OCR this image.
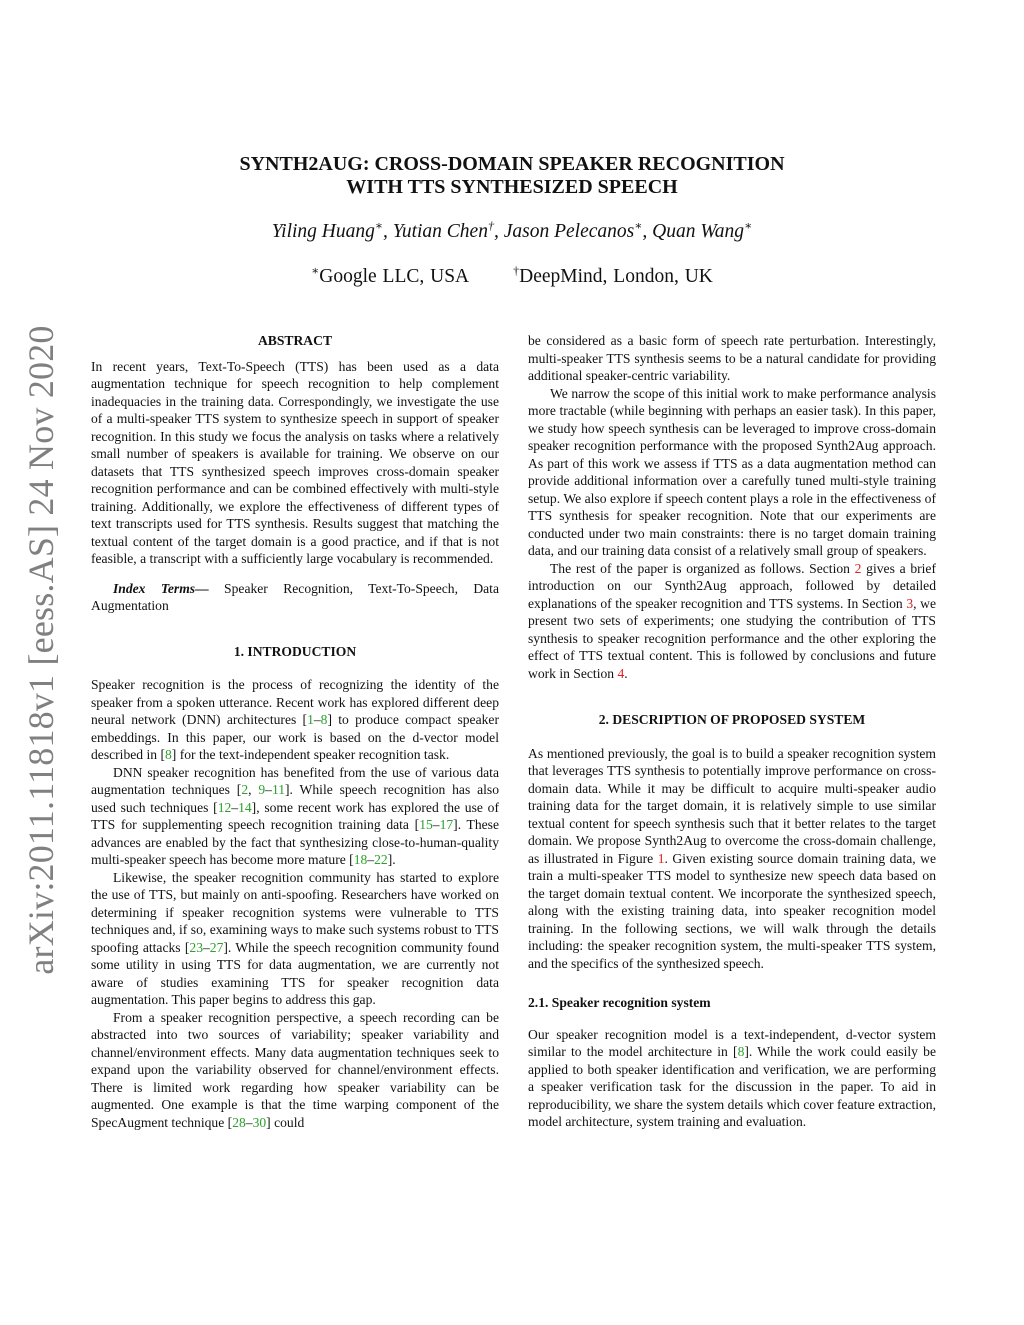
arXiv:2011.11818v1 [eess.AS] 24 Nov 2020
SYNTH2AUG: CROSS-DOMAIN SPEAKER RECOGNITION
WITH TTS SYNTHESIZED SPEECH
Yiling Huang∗, Yutian Chen†, Jason Pelecanos∗, Quan Wang∗
∗Google LLC, USA	†DeepMind, London, UK
ABSTRACT

In recent years, Text-To-Speech (TTS) has been used as a data augmentation technique for speech recognition to help complement inadequacies in the training data. Correspondingly, we investigate the use of a multi-speaker TTS system to synthesize speech in support of speaker recognition. In this study we focus the analysis on tasks where a relatively small number of speakers is available for training. We observe on our datasets that TTS synthesized speech improves cross-domain speaker recognition performance and can be combined effectively with multi-style training. Additionally, we explore the effectiveness of different types of text transcripts used for TTS synthesis. Results suggest that matching the textual content of the target domain is a good practice, and if that is not feasible, a transcript with a sufficiently large vocabulary is recommended.

Index Terms— Speaker Recognition, Text-To-Speech, Data Augmentation

1. INTRODUCTION

Speaker recognition is the process of recognizing the identity of the speaker from a spoken utterance. Recent work has explored different deep neural network (DNN) architectures [1–8] to produce compact speaker embeddings. In this paper, our work is based on the d-vector model described in [8] for the text-independent speaker recognition task.

DNN speaker recognition has benefited from the use of various data augmentation techniques [2, 9–11]. While speech recognition has also used such techniques [12–14], some recent work has explored the use of TTS for supplementing speech recognition training data [15–17]. These advances are enabled by the fact that synthesizing close-to-human-quality multi-speaker speech has become more mature [18–22].

Likewise, the speaker recognition community has started to explore the use of TTS, but mainly on anti-spoofing. Researchers have worked on determining if speaker recognition systems were vulnerable to TTS techniques and, if so, examining ways to make such systems robust to TTS spoofing attacks [23–27]. While the speech recognition community found some utility in using TTS for data augmentation, we are currently not aware of studies examining TTS for speaker recognition data augmentation. This paper begins to address this gap.

From a speaker recognition perspective, a speech recording can be abstracted into two sources of variability; speaker variability and channel/environment effects. Many data augmentation techniques seek to expand upon the variability observed for channel/environment effects. There is limited work regarding how speaker variability can be augmented. One example is that the time warping component of the SpecAugment technique [28–30] could

be considered as a basic form of speech rate perturbation. Interestingly, multi-speaker TTS synthesis seems to be a natural candidate for providing additional speaker-centric variability.

We narrow the scope of this initial work to make performance analysis more tractable (while beginning with perhaps an easier task). In this paper, we study how speech synthesis can be leveraged to improve cross-domain speaker recognition performance with the proposed Synth2Aug approach. As part of this work we assess if TTS as a data augmentation method can provide additional information over a carefully tuned multi-style training setup. We also explore if speech content plays a role in the effectiveness of TTS synthesis for speaker recognition. Note that our experiments are conducted under two main constraints: there is no target domain training data, and our training data consist of a relatively small group of speakers.

The rest of the paper is organized as follows. Section 2 gives a brief introduction on our Synth2Aug approach, followed by detailed explanations of the speaker recognition and TTS systems. In Section 3, we present two sets of experiments; one studying the contribution of TTS synthesis to speaker recognition performance and the other exploring the effect of TTS textual content. This is followed by conclusions and future work in Section 4.

2. DESCRIPTION OF PROPOSED SYSTEM

As mentioned previously, the goal is to build a speaker recognition system that leverages TTS synthesis to potentially improve performance on cross-domain data. While it may be difficult to acquire multi-speaker audio training data for the target domain, it is relatively simple to use similar textual content for speech synthesis such that it better relates to the target domain. We propose Synth2Aug to overcome the cross-domain challenge, as illustrated in Figure 1. Given existing source domain training data, we train a multi-speaker TTS model to synthesize new speech data based on the target domain textual content. We incorporate the synthesized speech, along with the existing training data, into speaker recognition model training. In the following sections, we will walk through the details including: the speaker recognition system, the multi-speaker TTS system, and the specifics of the synthesized speech.

2.1. Speaker recognition system

Our speaker recognition model is a text-independent, d-vector system similar to the model architecture in [8]. While the work could easily be applied to both speaker identification and verification, we are performing a speaker verification task for the discussion in the paper. To aid in reproducibility, we share the system details which cover feature extraction, model architecture, system training and evaluation.
